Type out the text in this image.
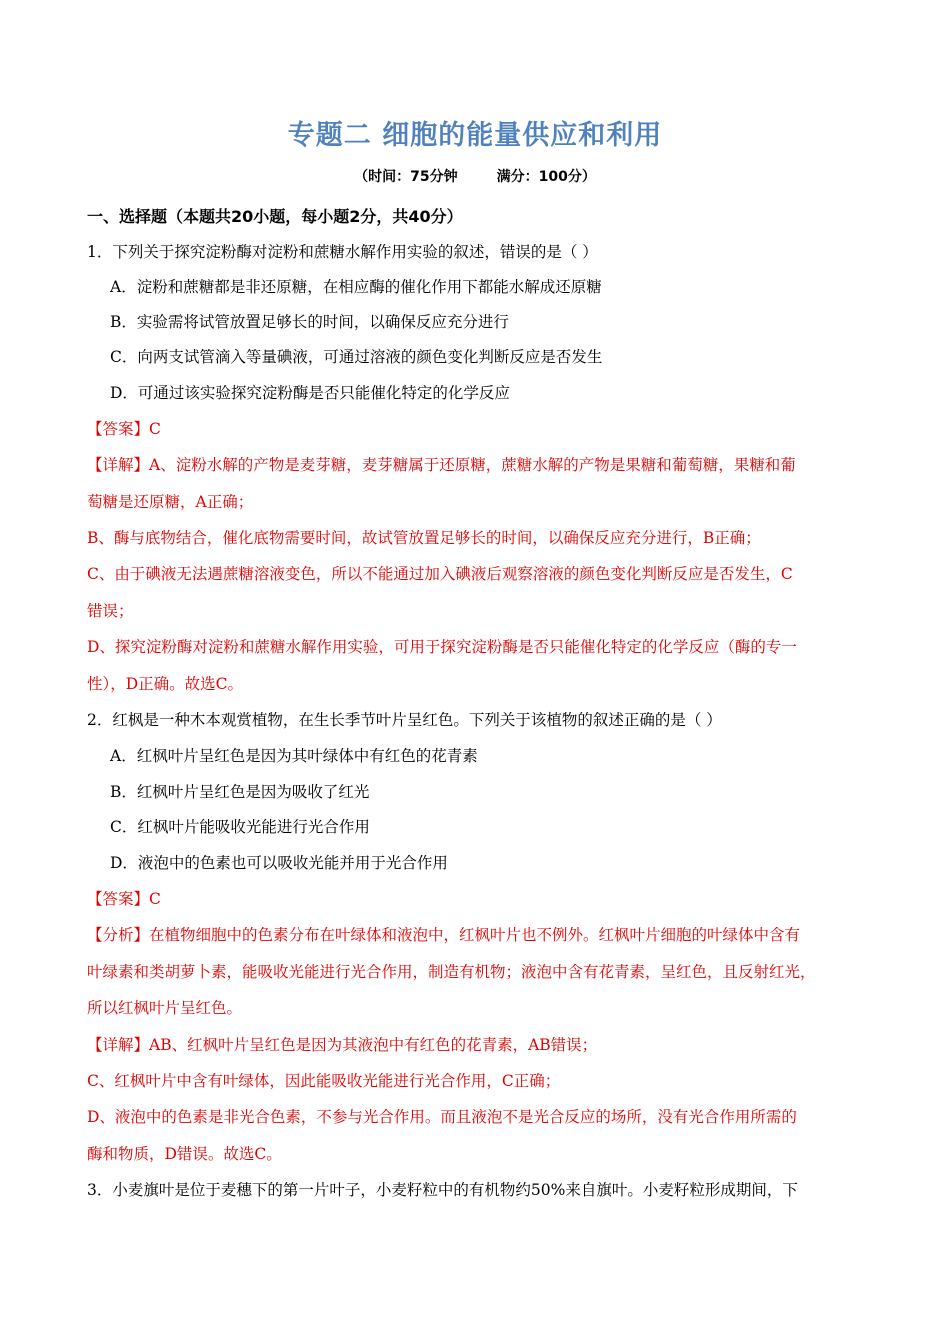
专题二 细胞的能量供应和利用
（时间：75分钟        满分：100分）
一、选择题（本题共20小题，每小题2分，共40分）
1．下列关于探究淀粉酶对淀粉和蔗糖水解作用实验的叙述，错误的是（ ）
A．淀粉和蔗糖都是非还原糖，在相应酶的催化作用下都能水解成还原糖
B．实验需将试管放置足够长的时间，以确保反应充分进行
C．向两支试管滴入等量碘液，可通过溶液的颜色变化判断反应是否发生
D．可通过该实验探究淀粉酶是否只能催化特定的化学反应
【答案】C
【详解】A、淀粉水解的产物是麦芽糖，麦芽糖属于还原糖，蔗糖水解的产物是果糖和葡萄糖，果糖和葡
萄糖是还原糖，A正确；
B、酶与底物结合，催化底物需要时间，故试管放置足够长的时间，以确保反应充分进行，B正确；
C、由于碘液无法遇蔗糖溶液变色，所以不能通过加入碘液后观察溶液的颜色变化判断反应是否发生，C
错误；
D、探究淀粉酶对淀粉和蔗糖水解作用实验，可用于探究淀粉酶是否只能催化特定的化学反应（酶的专一
性），D正确。故选C。
2．红枫是一种木本观赏植物，在生长季节叶片呈红色。下列关于该植物的叙述正确的是（ ）
A．红枫叶片呈红色是因为其叶绿体中有红色的花青素
B．红枫叶片呈红色是因为吸收了红光
C．红枫叶片能吸收光能进行光合作用
D．液泡中的色素也可以吸收光能并用于光合作用
【答案】C
【分析】在植物细胞中的色素分布在叶绿体和液泡中，红枫叶片也不例外。红枫叶片细胞的叶绿体中含有
叶绿素和类胡萝卜素，能吸收光能进行光合作用，制造有机物；液泡中含有花青素，呈红色，且反射红光，
所以红枫叶片呈红色。
【详解】AB、红枫叶片呈红色是因为其液泡中有红色的花青素，AB错误；
C、红枫叶片中含有叶绿体，因此能吸收光能进行光合作用，C正确；
D、液泡中的色素是非光合色素，不参与光合作用。而且液泡不是光合反应的场所，没有光合作用所需的
酶和物质，D错误。故选C。
3．小麦旗叶是位于麦穗下的第一片叶子，小麦籽粒中的有机物约50%来自旗叶。小麦籽粒形成期间，下
